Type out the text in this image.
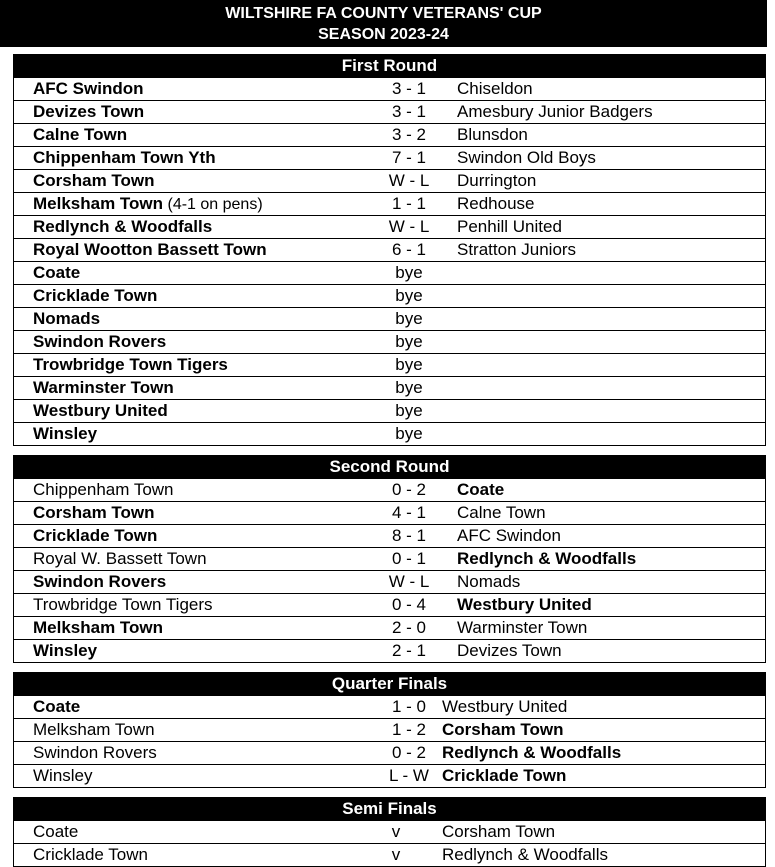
WILTSHIRE FA COUNTY VETERANS' CUP
SEASON 2023-24
First Round
AFC Swindon	3 - 1	Chiseldon
Devizes Town	3 - 1	Amesbury Junior Badgers
Calne Town	3 - 2	Blunsdon
Chippenham Town Yth	7 - 1	Swindon Old Boys
Corsham Town	W - L	Durrington
Melksham Town (4-1 on pens)	1 - 1	Redhouse
Redlynch & Woodfalls	W - L	Penhill United
Royal Wootton Bassett Town	6 - 1	Stratton Juniors
Coate	bye
Cricklade Town	bye
Nomads	bye
Swindon Rovers	bye
Trowbridge Town Tigers	bye
Warminster Town	bye
Westbury United	bye
Winsley	bye
Second Round
Chippenham Town	0 - 2	Coate
Corsham Town	4 - 1	Calne Town
Cricklade Town	8 - 1	AFC Swindon
Royal W. Bassett Town	0 - 1	Redlynch & Woodfalls
Swindon Rovers	W - L	Nomads
Trowbridge Town Tigers	0 - 4	Westbury United
Melksham Town	2 - 0	Warminster Town
Winsley	2 - 1	Devizes Town
Quarter Finals
Coate	1 - 0 Westbury United
Melksham Town	1 - 2 Corsham Town
Swindon Rovers	0 - 2 Redlynch & Woodfalls
Winsley	L - W Cricklade Town
Semi Finals
Coate	v	Corsham Town
Cricklade Town	v	Redlynch & Woodfalls
